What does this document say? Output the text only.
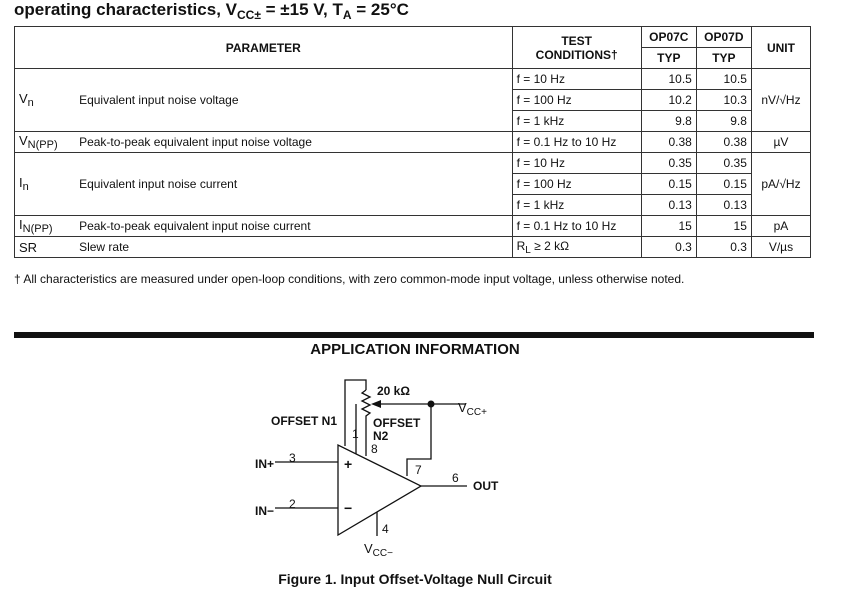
operating characteristics, $V_{CC\pm} = \pm 15$ V, $T_A = 25^\circ C$
PARAMETER		TEST
CONDITIONS†	OP07C	OP07D	UNIT
			TYP	TYP	
$V_n$	Equivalent input noise voltage	f = 10 Hz	10.5	10.5	nV/√Hz
		f = 100 Hz	10.2	10.3	
		f = 1 kHz	9.8	9.8	
$V_{N(PP)}$	Peak-to-peak equivalent input noise voltage	f = 0.1 Hz to 10 Hz	0.38	0.38	µV
$I_n$	Equivalent input noise current	f = 10 Hz	0.35	0.35	pA/√Hz
		f = 100 Hz	0.15	0.15	
		f = 1 kHz	0.13	0.13	
$I_{N(PP)}$	Peak-to-peak equivalent input noise current	f = 0.1 Hz to 10 Hz	15	15	pA
SR	Slew rate	$R_L \ge 2$ kΩ	0.3	0.3	V/µs
† All characteristics are measured under open-loop conditions, with zero common-mode input voltage, unless otherwise noted.
APPLICATION INFORMATION
20 kΩ
OFFSET N1	OFFSET
N2
IN+
IN−
OUT
1
8
7
3
2
6
4
+
−
$V_{CC+}$
$V_{CC-}$
Figure 1. Input Offset-Voltage Null Circuit
